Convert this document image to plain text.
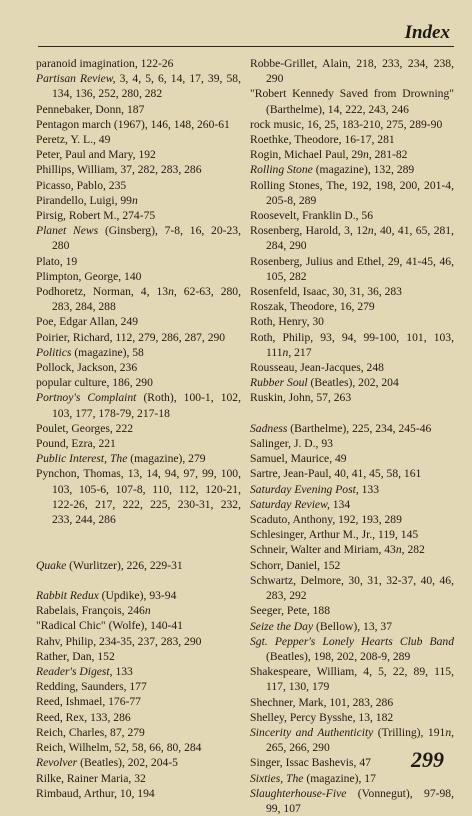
Index

paranoid imagination, 122-26

Partisan Review, 3, 4, 5, 6, 14, 17, 39, 58, 134, 136, 252, 280, 282

Pennebaker, Donn, 187

Pentagon march (1967), 146, 148, 260-61

Peretz, Y. L., 49

Peter, Paul and Mary, 192

Phillips, William, 37, 282, 283, 286

Picasso, Pablo, 235

Pirandello, Luigi, 99n

Pirsig, Robert M., 274-75

Planet News (Ginsberg), 7-8, 16, 20-23, 280

Plato, 19

Plimpton, George, 140

Podhoretz, Norman, 4, 13n, 62-63, 280, 283, 284, 288

Poe, Edgar Allan, 249

Poirier, Richard, 112, 279, 286, 287, 290

Politics (magazine), 58

Pollock, Jackson, 236

popular culture, 186, 290

Portnoy's Complaint (Roth), 100-1, 102, 103, 177, 178-79, 217-18

Poulet, Georges, 222

Pound, Ezra, 221

Public Interest, The (magazine), 279

Pynchon, Thomas, 13, 14, 94, 97, 99, 100, 103, 105-6, 107-8, 110, 112, 120-21, 122-26, 217, 222, 225, 230-31, 232, 233, 244, 286

Quake (Wurlitzer), 226, 229-31

Rabbit Redux (Updike), 93-94

Rabelais, François, 246n

"Radical Chic" (Wolfe), 140-41

Rahv, Philip, 234-35, 237, 283, 290

Rather, Dan, 152

Reader's Digest, 133

Redding, Saunders, 177

Reed, Ishmael, 176-77

Reed, Rex, 133, 286

Reich, Charles, 87, 279

Reich, Wilhelm, 52, 58, 66, 80, 284

Revolver (Beatles), 202, 204-5

Rilke, Rainer Maria, 32

Rimbaud, Arthur, 10, 194

Robbe-Grillet, Alain, 218, 233, 234, 238, 290

"Robert Kennedy Saved from Drowning" (Barthelme), 14, 222, 243, 246

rock music, 16, 25, 183-210, 275, 289-90

Roethke, Theodore, 16-17, 281

Rogin, Michael Paul, 29n, 281-82

Rolling Stone (magazine), 132, 289

Rolling Stones, The, 192, 198, 200, 201-4, 205-8, 289

Roosevelt, Franklin D., 56

Rosenberg, Harold, 3, 12n, 40, 41, 65, 281, 284, 290

Rosenberg, Julius and Ethel, 29, 41-45, 46, 105, 282

Rosenfeld, Isaac, 30, 31, 36, 283

Roszak, Theodore, 16, 279

Roth, Henry, 30

Roth, Philip, 93, 94, 99-100, 101, 103, 111n, 217

Rousseau, Jean-Jacques, 248

Rubber Soul (Beatles), 202, 204

Ruskin, John, 57, 263

Sadness (Barthelme), 225, 234, 245-46

Salinger, J. D., 93

Samuel, Maurice, 49

Sartre, Jean-Paul, 40, 41, 45, 58, 161

Saturday Evening Post, 133

Saturday Review, 134

Scaduto, Anthony, 192, 193, 289

Schlesinger, Arthur M., Jr., 119, 145

Schneir, Walter and Miriam, 43n, 282

Schorr, Daniel, 152

Schwartz, Delmore, 30, 31, 32-37, 40, 46, 283, 292

Seeger, Pete, 188

Seize the Day (Bellow), 13, 37

Sgt. Pepper's Lonely Hearts Club Band (Beatles), 198, 202, 208-9, 289

Shakespeare, William, 4, 5, 22, 89, 115, 117, 130, 179

Shechner, Mark, 101, 283, 286

Shelley, Percy Bysshe, 13, 182

Sincerity and Authenticity (Trilling), 191n, 265, 266, 290

Singer, Issac Bashevis, 47

Sixties, The (magazine), 17

Slaughterhouse-Five (Vonnegut), 97-98, 99, 107

299
